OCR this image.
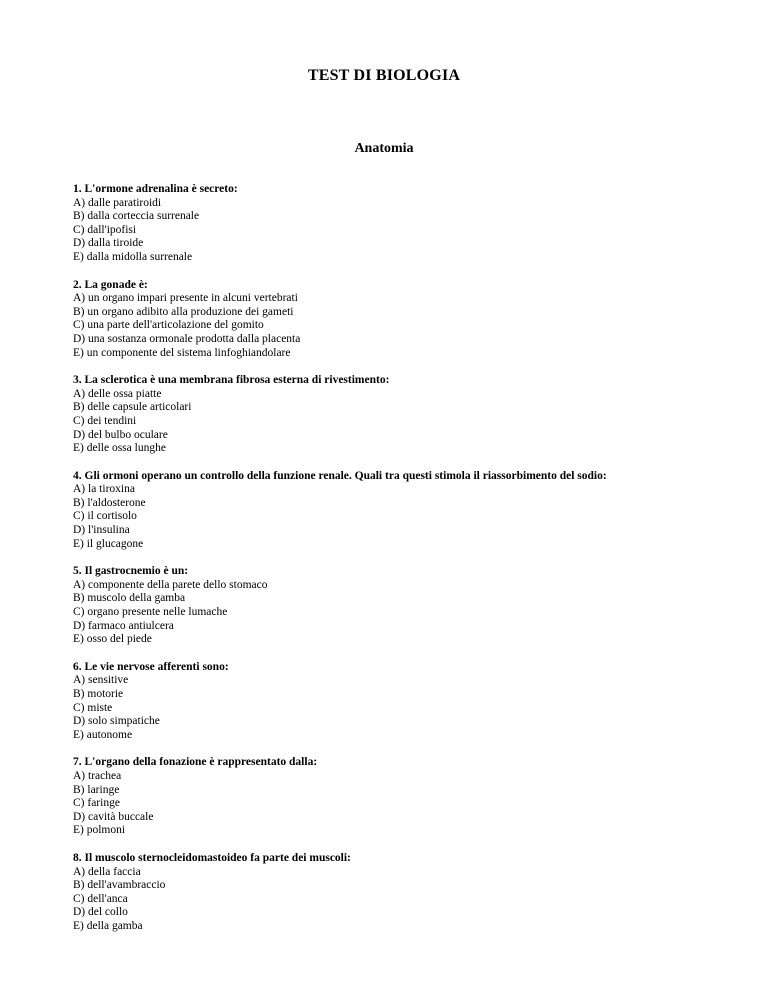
TEST DI BIOLOGIA
Anatomia
1. L'ormone adrenalina è secreto:
A) dalle paratiroidi
B) dalla corteccia surrenale
C) dall'ipofisi
D) dalla tiroide
E) dalla midolla surrenale
2. La gonade è:
A) un organo impari presente in alcuni vertebrati
B) un organo adibito alla produzione dei gameti
C) una parte dell'articolazione del gomito
D) una sostanza ormonale prodotta dalla placenta
E) un componente del sistema linfoghiandolare
3. La sclerotica è una membrana fibrosa esterna di rivestimento:
A) delle ossa piatte
B) delle capsule articolari
C) dei tendini
D) del bulbo oculare
E) delle ossa lunghe
4. Gli ormoni operano un controllo della funzione renale. Quali tra questi stimola il riassorbimento del sodio:
A) la tiroxina
B) l'aldosterone
C) il cortisolo
D) l'insulina
E) il glucagone
5. Il gastrocnemio è un:
A) componente della parete dello stomaco
B) muscolo della gamba
C) organo presente nelle lumache
D) farmaco antiulcera
E) osso del piede
6. Le vie nervose afferenti sono:
A) sensitive
B) motorie
C) miste
D) solo simpatiche
E) autonome
7. L'organo della fonazione è rappresentato dalla:
A) trachea
B) laringe
C) faringe
D) cavità buccale
E) polmoni
8. Il muscolo sternocleidomastoideo fa parte dei muscoli:
A) della faccia
B) dell'avambraccio
C) dell'anca
D) del collo
E) della gamba
